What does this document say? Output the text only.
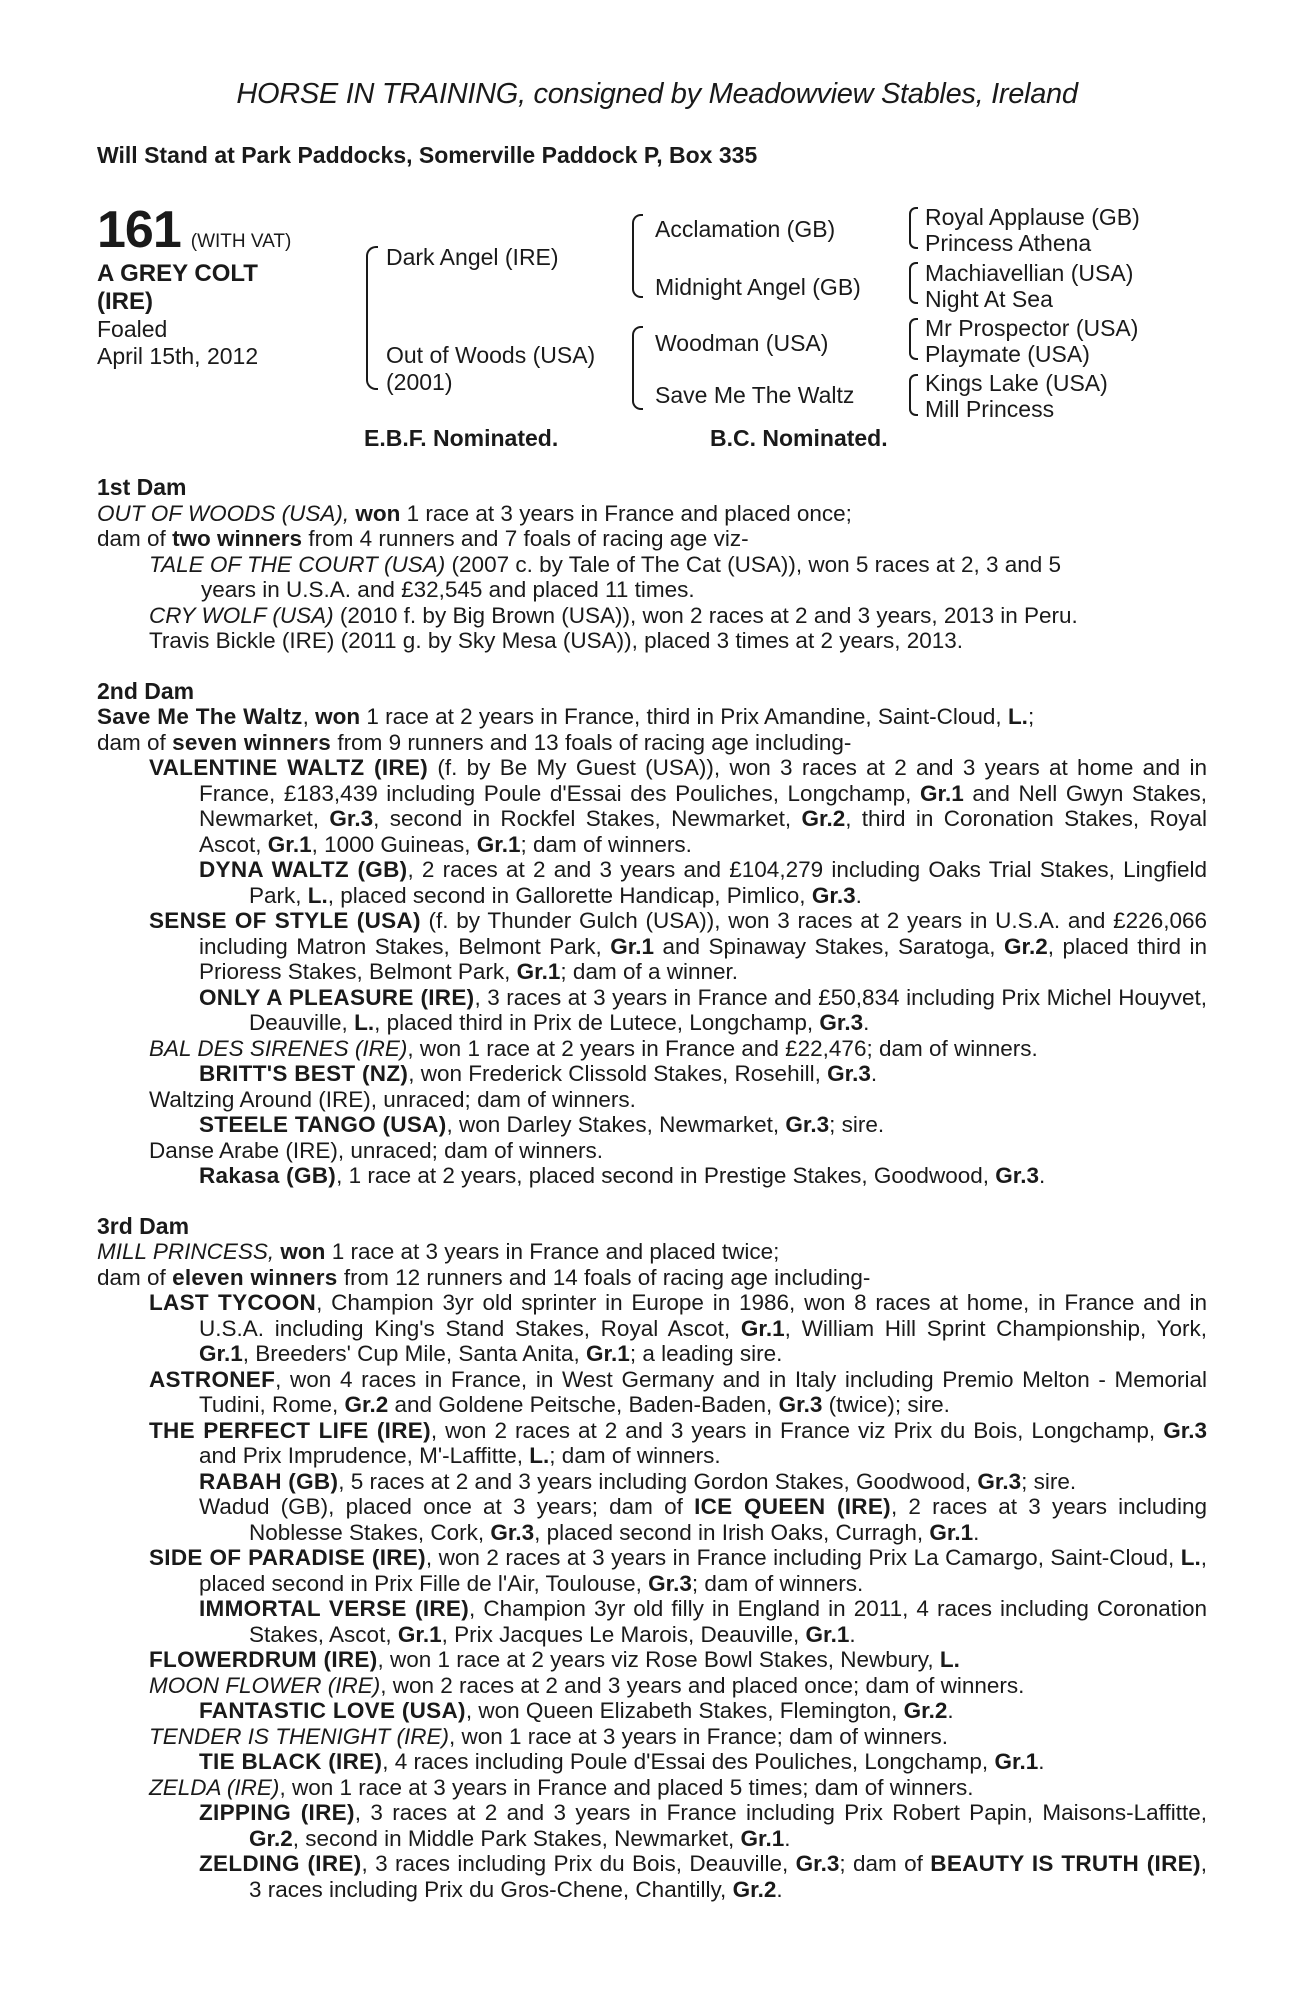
HORSE IN TRAINING, consigned by Meadowview Stables, Ireland
Will Stand at Park Paddocks, Somerville Paddock P, Box 335
161 (WITH VAT)
A GREY COLT
(IRE)
Foaled
April 15th, 2012
Dark Angel (IRE)
Out of Woods (USA)
(2001)
Acclamation (GB)
Midnight Angel (GB)
Woodman (USA)
Save Me The Waltz
Royal Applause (GB)
Princess Athena
Machiavellian (USA)
Night At Sea
Mr Prospector (USA)
Playmate (USA)
Kings Lake (USA)
Mill Princess
E.B.F. Nominated.	B.C. Nominated.
1st Dam
OUT OF WOODS (USA), won 1 race at 3 years in France and placed once;
dam of two winners from 4 runners and 7 foals of racing age viz-
TALE OF THE COURT (USA) (2007 c. by Tale of The Cat (USA)), won 5 races at 2, 3 and 5
years in U.S.A. and £32,545 and placed 11 times.
CRY WOLF (USA) (2010 f. by Big Brown (USA)), won 2 races at 2 and 3 years, 2013 in Peru.
Travis Bickle (IRE) (2011 g. by Sky Mesa (USA)), placed 3 times at 2 years, 2013.
2nd Dam
Save Me The Waltz, won 1 race at 2 years in France, third in Prix Amandine, Saint-Cloud, L.;
dam of seven winners from 9 runners and 13 foals of racing age including-
VALENTINE WALTZ (IRE) (f. by Be My Guest (USA)), won 3 races at 2 and 3 years at home and in France, £183,439 including Poule d'Essai des Pouliches, Longchamp, Gr.1 and Nell Gwyn Stakes, Newmarket, Gr.3, second in Rockfel Stakes, Newmarket, Gr.2, third in Coronation Stakes, Royal Ascot, Gr.1, 1000 Guineas, Gr.1; dam of winners.
DYNA WALTZ (GB), 2 races at 2 and 3 years and £104,279 including Oaks Trial Stakes, Lingfield Park, L., placed second in Gallorette Handicap, Pimlico, Gr.3.
SENSE OF STYLE (USA) (f. by Thunder Gulch (USA)), won 3 races at 2 years in U.S.A. and £226,066 including Matron Stakes, Belmont Park, Gr.1 and Spinaway Stakes, Saratoga, Gr.2, placed third in Prioress Stakes, Belmont Park, Gr.1; dam of a winner.
ONLY A PLEASURE (IRE), 3 races at 3 years in France and £50,834 including Prix Michel Houyvet, Deauville, L., placed third in Prix de Lutece, Longchamp, Gr.3.
BAL DES SIRENES (IRE), won 1 race at 2 years in France and £22,476; dam of winners.
BRITT'S BEST (NZ), won Frederick Clissold Stakes, Rosehill, Gr.3.
Waltzing Around (IRE), unraced; dam of winners.
STEELE TANGO (USA), won Darley Stakes, Newmarket, Gr.3; sire.
Danse Arabe (IRE), unraced; dam of winners.
Rakasa (GB), 1 race at 2 years, placed second in Prestige Stakes, Goodwood, Gr.3.
3rd Dam
MILL PRINCESS, won 1 race at 3 years in France and placed twice;
dam of eleven winners from 12 runners and 14 foals of racing age including-
LAST TYCOON, Champion 3yr old sprinter in Europe in 1986, won 8 races at home, in France and in U.S.A. including King's Stand Stakes, Royal Ascot, Gr.1, William Hill Sprint Championship, York, Gr.1, Breeders' Cup Mile, Santa Anita, Gr.1; a leading sire.
ASTRONEF, won 4 races in France, in West Germany and in Italy including Premio Melton - Memorial Tudini, Rome, Gr.2 and Goldene Peitsche, Baden-Baden, Gr.3 (twice); sire.
THE PERFECT LIFE (IRE), won 2 races at 2 and 3 years in France viz Prix du Bois, Longchamp, Gr.3 and Prix Imprudence, M'-Laffitte, L.; dam of winners.
RABAH (GB), 5 races at 2 and 3 years including Gordon Stakes, Goodwood, Gr.3; sire.
Wadud (GB), placed once at 3 years; dam of ICE QUEEN (IRE), 2 races at 3 years including Noblesse Stakes, Cork, Gr.3, placed second in Irish Oaks, Curragh, Gr.1.
SIDE OF PARADISE (IRE), won 2 races at 3 years in France including Prix La Camargo, Saint-Cloud, L., placed second in Prix Fille de l'Air, Toulouse, Gr.3; dam of winners.
IMMORTAL VERSE (IRE), Champion 3yr old filly in England in 2011, 4 races including Coronation Stakes, Ascot, Gr.1, Prix Jacques Le Marois, Deauville, Gr.1.
FLOWERDRUM (IRE), won 1 race at 2 years viz Rose Bowl Stakes, Newbury, L.
MOON FLOWER (IRE), won 2 races at 2 and 3 years and placed once; dam of winners.
FANTASTIC LOVE (USA), won Queen Elizabeth Stakes, Flemington, Gr.2.
TENDER IS THENIGHT (IRE), won 1 race at 3 years in France; dam of winners.
TIE BLACK (IRE), 4 races including Poule d'Essai des Pouliches, Longchamp, Gr.1.
ZELDA (IRE), won 1 race at 3 years in France and placed 5 times; dam of winners.
ZIPPING (IRE), 3 races at 2 and 3 years in France including Prix Robert Papin, Maisons-Laffitte, Gr.2, second in Middle Park Stakes, Newmarket, Gr.1.
ZELDING (IRE), 3 races including Prix du Bois, Deauville, Gr.3; dam of BEAUTY IS TRUTH (IRE), 3 races including Prix du Gros-Chene, Chantilly, Gr.2.
